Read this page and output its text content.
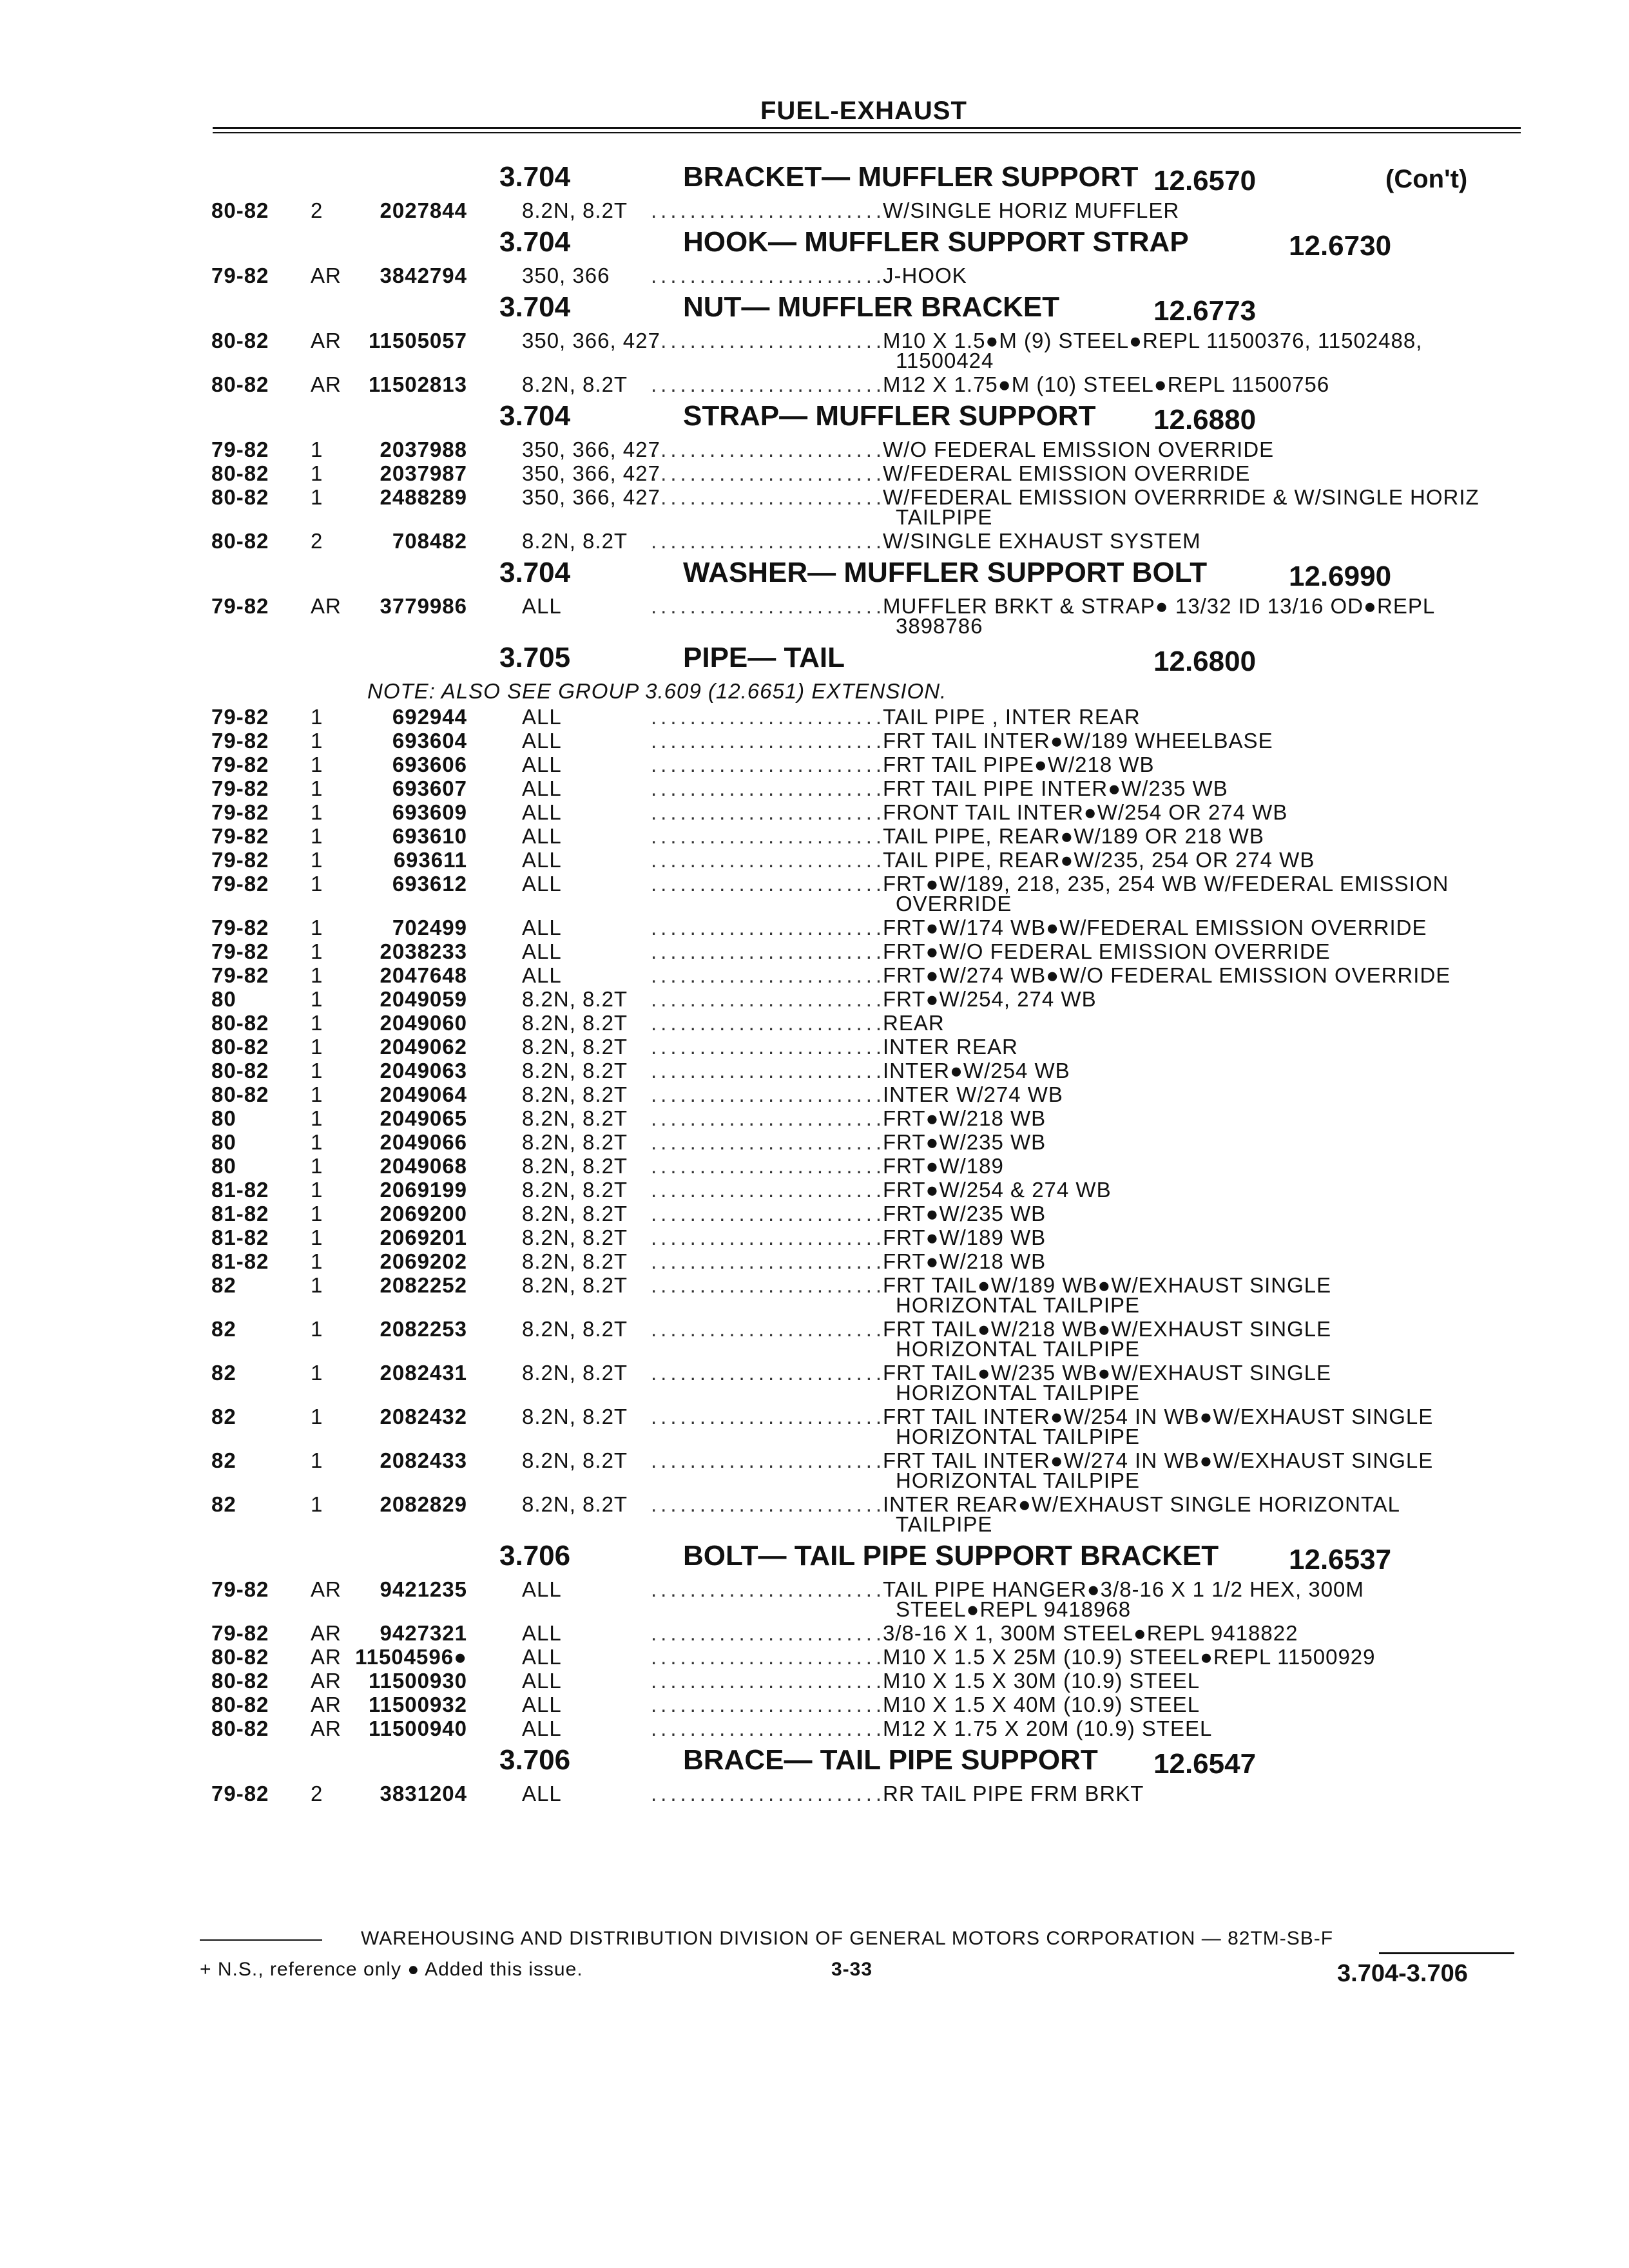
FUEL-EXHAUST
3.704	BRACKET— MUFFLER SUPPORT 12.6570	(Con't)
80-82 2	2027844	8.2N, 8.2T ........................
W/SINGLE HORIZ MUFFLER
3.704	HOOK— MUFFLER SUPPORT STRAP	12.6730
79-82 AR	3842794	350, 366 ........................
J-HOOK
3.704	NUT— MUFFLER BRACKET	12.6773
80-82 AR	11505057	350, 366, 427
........................
M10 X 1.5●M (9) STEEL●REPL 11500376, 11502488,
11500424
80-82 AR	11502813	8.2N, 8.2T ........................
M12 X 1.75●M (10) STEEL●REPL 11500756
3.704	STRAP— MUFFLER SUPPORT 12.6880
79-82 1	2037988	350, 366, 427
........................
W/O FEDERAL EMISSION OVERRIDE
80-82 1	2037987	350, 366, 427
........................
W/FEDERAL EMISSION OVERRIDE
80-82 1	2488289	350, 366, 427
........................
W/FEDERAL EMISSION OVERRRIDE & W/SINGLE HORIZ
TAILPIPE
80-82 2	708482	8.2N, 8.2T ........................
W/SINGLE EXHAUST SYSTEM
3.704	WASHER— MUFFLER SUPPORT BOLT	12.6990
79-82 AR	3779986	ALL	........................
MUFFLER BRKT & STRAP● 13/32 ID 13/16 OD●REPL
3898786
3.705	PIPE— TAIL	12.6800
NOTE: ALSO SEE GROUP 3.609 (12.6651) EXTENSION.
79-82 1	692944	ALL	........................
TAIL PIPE , INTER REAR
79-82 1	693604	ALL	........................
FRT TAIL INTER●W/189 WHEELBASE
79-82 1	693606	ALL	........................
FRT TAIL PIPE●W/218 WB
79-82 1	693607	ALL	........................
FRT TAIL PIPE INTER●W/235 WB
79-82 1	693609	ALL	........................
FRONT TAIL INTER●W/254 OR 274 WB
79-82 1	693610	ALL	........................
TAIL PIPE, REAR●W/189 OR 218 WB
79-82 1	693611	ALL	........................
TAIL PIPE, REAR●W/235, 254 OR 274 WB
79-82 1	693612	ALL	........................
FRT●W/189, 218, 235, 254 WB W/FEDERAL EMISSION
OVERRIDE
79-82 1	702499	ALL	........................
FRT●W/174 WB●W/FEDERAL EMISSION OVERRIDE
79-82 1	2038233	ALL	........................
FRT●W/O FEDERAL EMISSION OVERRIDE
79-82 1	2047648	ALL	........................
FRT●W/274 WB●W/O FEDERAL EMISSION OVERRIDE
80	1	2049059	8.2N, 8.2T ........................
FRT●W/254, 274 WB
80-82 1	2049060	8.2N, 8.2T ........................
REAR
80-82 1	2049062	8.2N, 8.2T ........................
INTER REAR
80-82 1	2049063	8.2N, 8.2T ........................
INTER●W/254 WB
80-82 1	2049064	8.2N, 8.2T ........................
INTER W/274 WB
80	1	2049065	8.2N, 8.2T ........................
FRT●W/218 WB
80	1	2049066	8.2N, 8.2T ........................
FRT●W/235 WB
80	1	2049068	8.2N, 8.2T ........................
FRT●W/189
81-82 1	2069199	8.2N, 8.2T ........................
FRT●W/254 & 274 WB
81-82 1	2069200	8.2N, 8.2T ........................
FRT●W/235 WB
81-82 1	2069201	8.2N, 8.2T ........................
FRT●W/189 WB
81-82 1	2069202	8.2N, 8.2T ........................
FRT●W/218 WB
82	1	2082252	8.2N, 8.2T ........................
FRT TAIL●W/189 WB●W/EXHAUST SINGLE
HORIZONTAL TAILPIPE
82	1	2082253	8.2N, 8.2T ........................
FRT TAIL●W/218 WB●W/EXHAUST SINGLE
HORIZONTAL TAILPIPE
82	1	2082431	8.2N, 8.2T ........................
FRT TAIL●W/235 WB●W/EXHAUST SINGLE
HORIZONTAL TAILPIPE
82	1	2082432	8.2N, 8.2T ........................
FRT TAIL INTER●W/254 IN WB●W/EXHAUST SINGLE
HORIZONTAL TAILPIPE
82	1	2082433	8.2N, 8.2T ........................
FRT TAIL INTER●W/274 IN WB●W/EXHAUST SINGLE
HORIZONTAL TAILPIPE
82	1	2082829	8.2N, 8.2T ........................
INTER REAR●W/EXHAUST SINGLE HORIZONTAL
TAILPIPE
3.706	BOLT— TAIL PIPE SUPPORT BRACKET 12.6537
79-82 AR	9421235	ALL	........................
TAIL PIPE HANGER●3/8-16 X 1 1/2 HEX, 300M
STEEL●REPL 9418968
79-82 AR	9427321	ALL	........................
3/8-16 X 1, 300M STEEL●REPL 9418822
80-82 AR 11504596●	ALL	........................
M10 X 1.5 X 25M (10.9) STEEL●REPL 11500929
80-82 AR	11500930	ALL	........................
M10 X 1.5 X 30M (10.9) STEEL
80-82 AR	11500932	ALL	........................
M10 X 1.5 X 40M (10.9) STEEL
80-82 AR	11500940	ALL	........................
M12 X 1.75 X 20M (10.9) STEEL
3.706	BRACE— TAIL PIPE SUPPORT 12.6547
79-82 2	3831204	ALL	........................
RR TAIL PIPE FRM BRKT
WAREHOUSING AND DISTRIBUTION DIVISION OF GENERAL MOTORS CORPORATION — 82TM-SB-F
+ N.S., reference only ● Added this issue.	3-33	3.704-3.706
